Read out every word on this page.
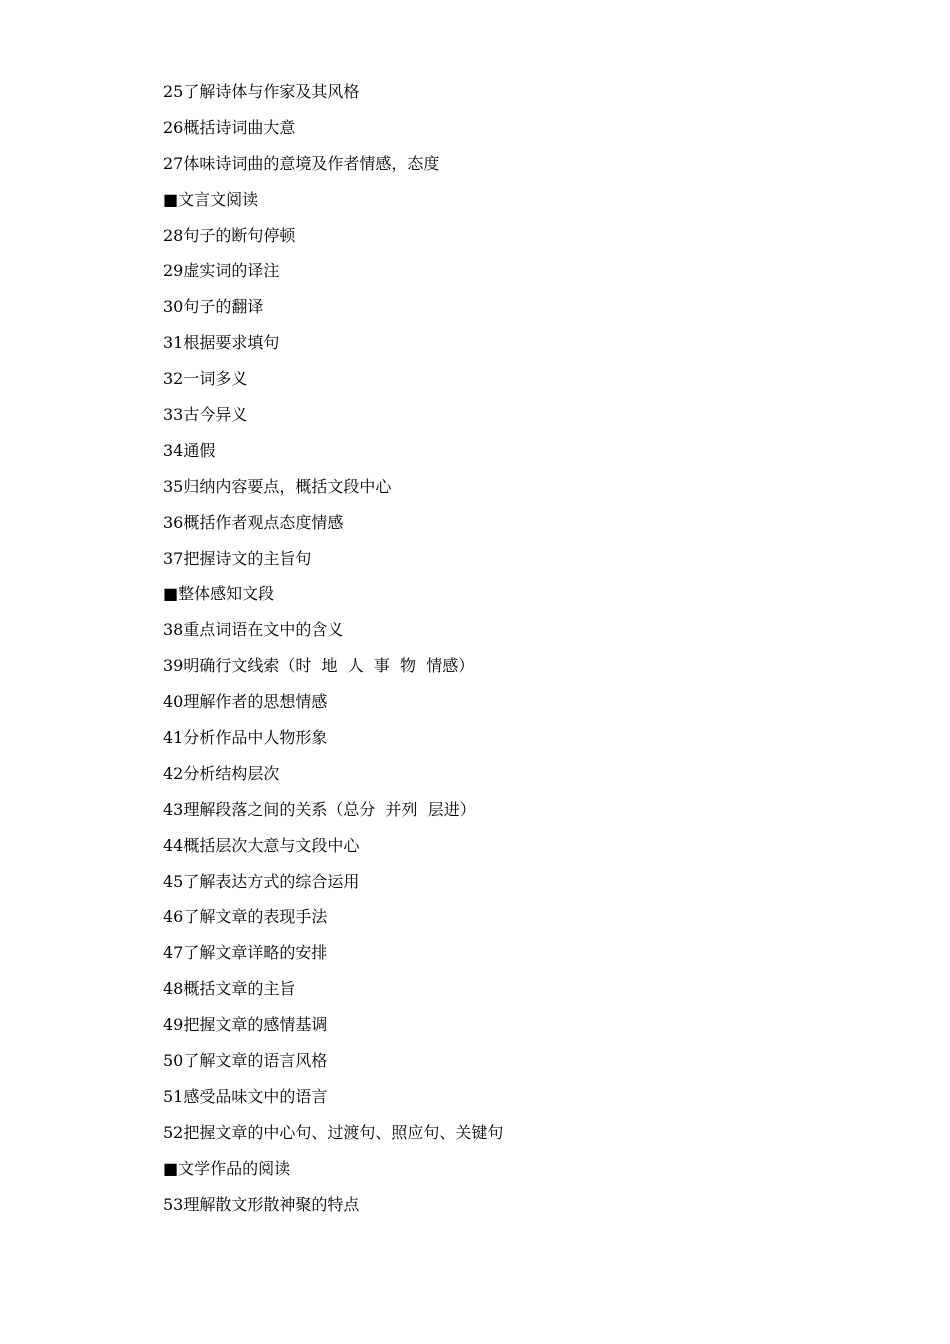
25了解诗体与作家及其风格
26概括诗词曲大意
27体味诗词曲的意境及作者情感，态度
■文言文阅读
28句子的断句停顿
29虚实词的译注
30句子的翻译
31根据要求填句
32一词多义
33古今异义
34通假
35归纳内容要点，概括文段中心
36概括作者观点态度情感
37把握诗文的主旨句
■整体感知文段
38重点词语在文中的含义
39明确行文线索（时  地  人  事  物  情感）
40理解作者的思想情感
41分析作品中人物形象
42分析结构层次
43理解段落之间的关系（总分  并列  层进）
44概括层次大意与文段中心
45了解表达方式的综合运用
46了解文章的表现手法
47了解文章详略的安排
48概括文章的主旨
49把握文章的感情基调
50了解文章的语言风格
51感受品味文中的语言
52把握文章的中心句、过渡句、照应句、关键句
■文学作品的阅读
53理解散文形散神聚的特点
